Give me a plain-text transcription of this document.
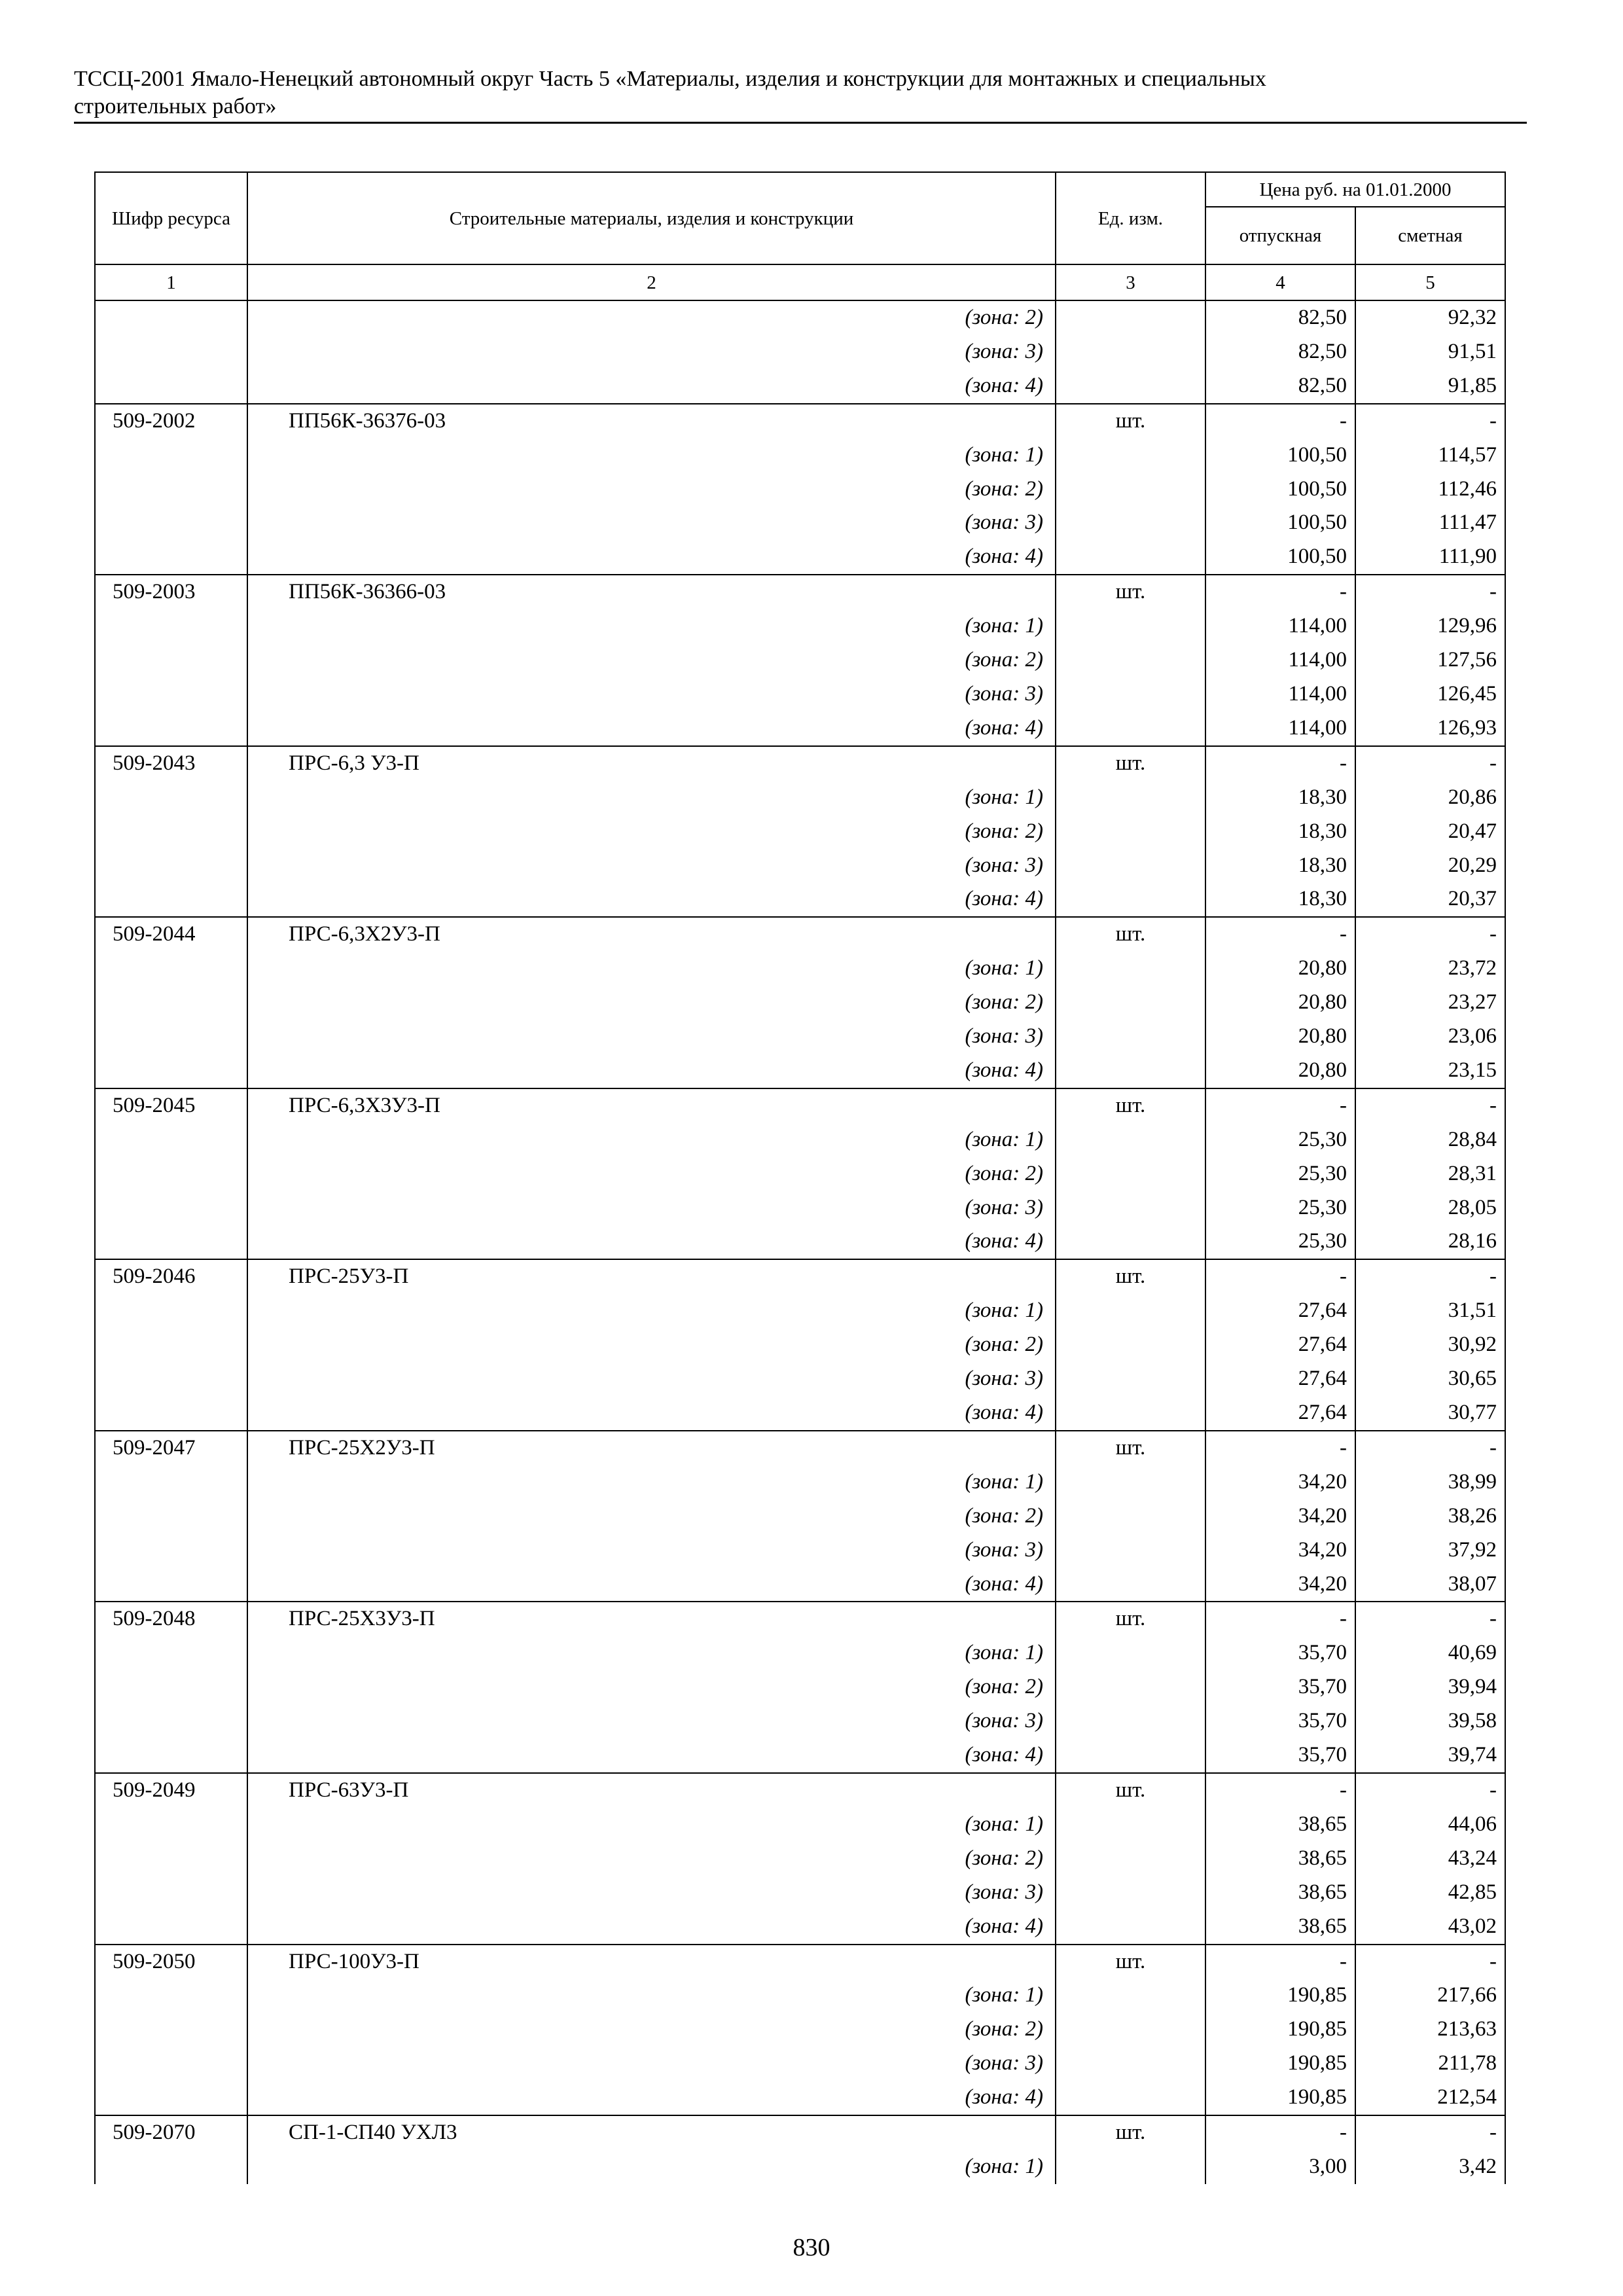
ТССЦ-2001 Ямало-Ненецкий автономный округ Часть 5 «Материалы, изделия и конструкции для монтажных и специальных
строительных работ»
Шифр ресурса	Строительные материалы, изделия и конструкции	Ед. изм.	Цена руб. на 01.01.2000	
			отпускная	сметная
1	2	3	4	5
	(зона: 2)		82,50	92,32
	(зона: 3)		82,50	91,51
	(зона: 4)		82,50	91,85
509-2002	ПП56К-36376-03	шт.	-	-
	(зона: 1)		100,50	114,57
	(зона: 2)		100,50	112,46
	(зона: 3)		100,50	111,47
	(зона: 4)		100,50	111,90
509-2003	ПП56К-36366-03	шт.	-	-
	(зона: 1)		114,00	129,96
	(зона: 2)		114,00	127,56
	(зона: 3)		114,00	126,45
	(зона: 4)		114,00	126,93
509-2043	ПРС-6,3 У3-П	шт.	-	-
	(зона: 1)		18,30	20,86
	(зона: 2)		18,30	20,47
	(зона: 3)		18,30	20,29
	(зона: 4)		18,30	20,37
509-2044	ПРС-6,3Х2У3-П	шт.	-	-
	(зона: 1)		20,80	23,72
	(зона: 2)		20,80	23,27
	(зона: 3)		20,80	23,06
	(зона: 4)		20,80	23,15
509-2045	ПРС-6,3Х3У3-П	шт.	-	-
	(зона: 1)		25,30	28,84
	(зона: 2)		25,30	28,31
	(зона: 3)		25,30	28,05
	(зона: 4)		25,30	28,16
509-2046	ПРС-25У3-П	шт.	-	-
	(зона: 1)		27,64	31,51
	(зона: 2)		27,64	30,92
	(зона: 3)		27,64	30,65
	(зона: 4)		27,64	30,77
509-2047	ПРС-25Х2У3-П	шт.	-	-
	(зона: 1)		34,20	38,99
	(зона: 2)		34,20	38,26
	(зона: 3)		34,20	37,92
	(зона: 4)		34,20	38,07
509-2048	ПРС-25Х3У3-П	шт.	-	-
	(зона: 1)		35,70	40,69
	(зона: 2)		35,70	39,94
	(зона: 3)		35,70	39,58
	(зона: 4)		35,70	39,74
509-2049	ПРС-63У3-П	шт.	-	-
	(зона: 1)		38,65	44,06
	(зона: 2)		38,65	43,24
	(зона: 3)		38,65	42,85
	(зона: 4)		38,65	43,02
509-2050	ПРС-100У3-П	шт.	-	-
	(зона: 1)		190,85	217,66
	(зона: 2)		190,85	213,63
	(зона: 3)		190,85	211,78
	(зона: 4)		190,85	212,54
509-2070	СП-1-СП40 УХЛ3	шт.	-	-
	(зона: 1)		3,00	3,42
830
